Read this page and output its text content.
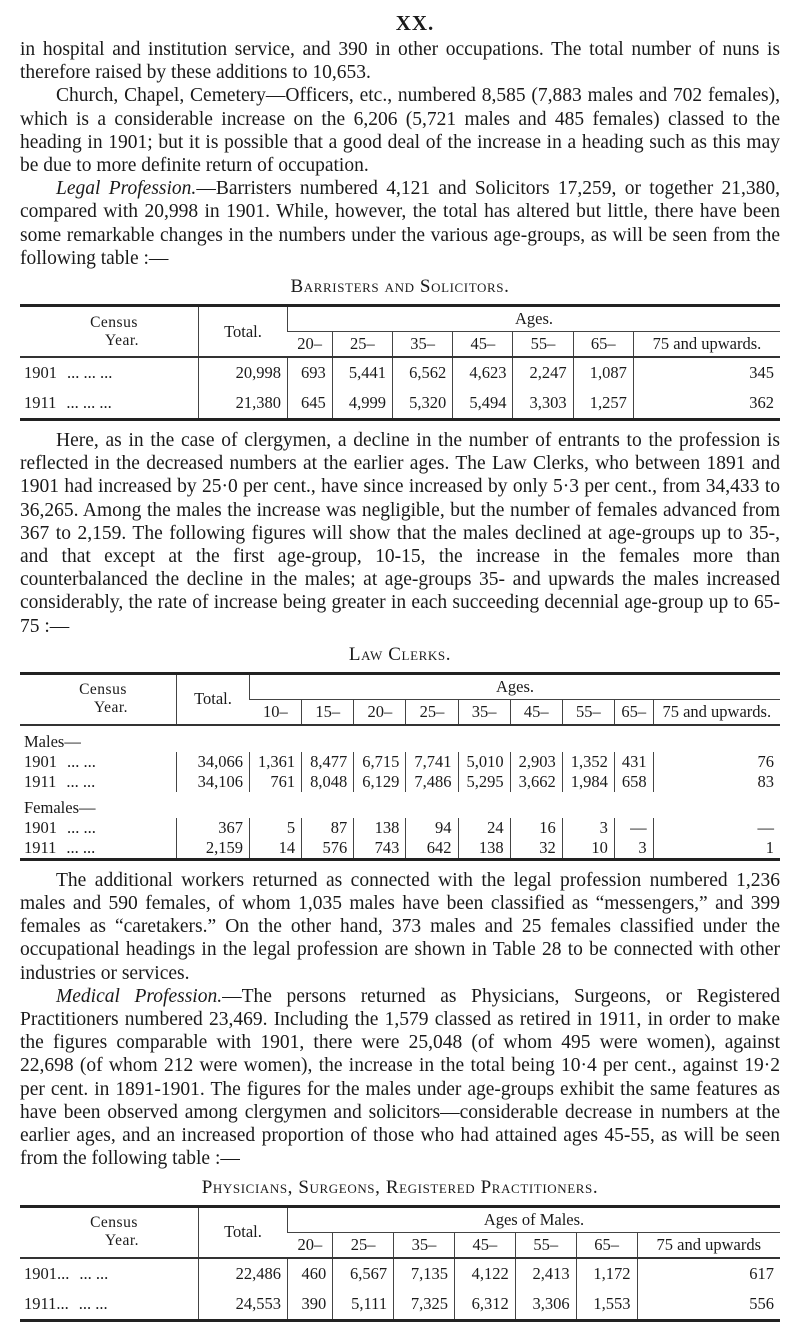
XX.

in hospital and institution service, and 390 in other occupations. The total number of nuns is therefore raised by these additions to 10,653.

Church, Chapel, Cemetery—Officers, etc., numbered 8,585 (7,883 males and 702 females), which is a considerable increase on the 6,206 (5,721 males and 485 females) classed to the heading in 1901; but it is possible that a good deal of the increase in a heading such as this may be due to more definite return of occupation.

Legal Profession.—Barristers numbered 4,121 and Solicitors 17,259, or together 21,380, compared with 20,998 in 1901. While, however, the total has altered but little, there have been some remarkable changes in the numbers under the various age-groups, as will be seen from the following table :—

Barristers and Solicitors.
Census
Year.	Total.	Ages.						
		20–	25–	35–	45–	55–	65–	75 and upwards.
1901 ... ... ...	20,998	693	5,441	6,562	4,623	2,247	1,087	345
1911 ... ... ...	21,380	645	4,999	5,320	5,494	3,303	1,257	362

Here, as in the case of clergymen, a decline in the number of entrants to the profession is reflected in the decreased numbers at the earlier ages. The Law Clerks, who between 1891 and 1901 had increased by 25·0 per cent., have since increased by only 5·3 per cent., from 34,433 to 36,265. Among the males the increase was negligible, but the number of females advanced from 367 to 2,159. The following figures will show that the males declined at age-groups up to 35-, and that except at the first age-group, 10-15, the increase in the females more than counterbalanced the decline in the males; at age-groups 35- and upwards the males increased considerably, the rate of increase being greater in each succeeding decennial age-group up to 65-75 :—

Law Clerks.
Census
Year.	Total.	Ages.								
		10–	15–	20–	25–	35–	45–	55–	65–	75 and upwards.
Males—										
1901 ... ...	34,066	1,361	8,477	6,715	7,741	5,010	2,903	1,352	431	76
1911 ... ...	34,106	761	8,048	6,129	7,486	5,295	3,662	1,984	658	83
Females—										
1901 ... ...	367	5	87	138	94	24	16	3	—	—
1911 ... ...	2,159	14	576	743	642	138	32	10	3	1

The additional workers returned as connected with the legal profession numbered 1,236 males and 590 females, of whom 1,035 males have been classified as “messengers,” and 399 females as “caretakers.” On the other hand, 373 males and 25 females classified under the occupational headings in the legal profession are shown in Table 28 to be connected with other industries or services.

Medical Profession.—The persons returned as Physicians, Surgeons, or Registered Practitioners numbered 23,469. Including the 1,579 classed as retired in 1911, in order to make the figures comparable with 1901, there were 25,048 (of whom 495 were women), against 22,698 (of whom 212 were women), the increase in the total being 10·4 per cent., against 19·2 per cent. in 1891-1901. The figures for the males under age-groups exhibit the same features as have been observed among clergymen and solicitors—considerable decrease in numbers at the earlier ages, and an increased proportion of those who had attained ages 45-55, as will be seen from the following table :—

Physicians, Surgeons, Registered Practitioners.
Census
Year.	Total.	Ages of Males.						
		20–	25–	35–	45–	55–	65–	75 and upwards
1901... ... ...	22,486	460	6,567	7,135	4,122	2,413	1,172	617
1911... ... ...	24,553	390	5,111	7,325	6,312	3,306	1,553	556
